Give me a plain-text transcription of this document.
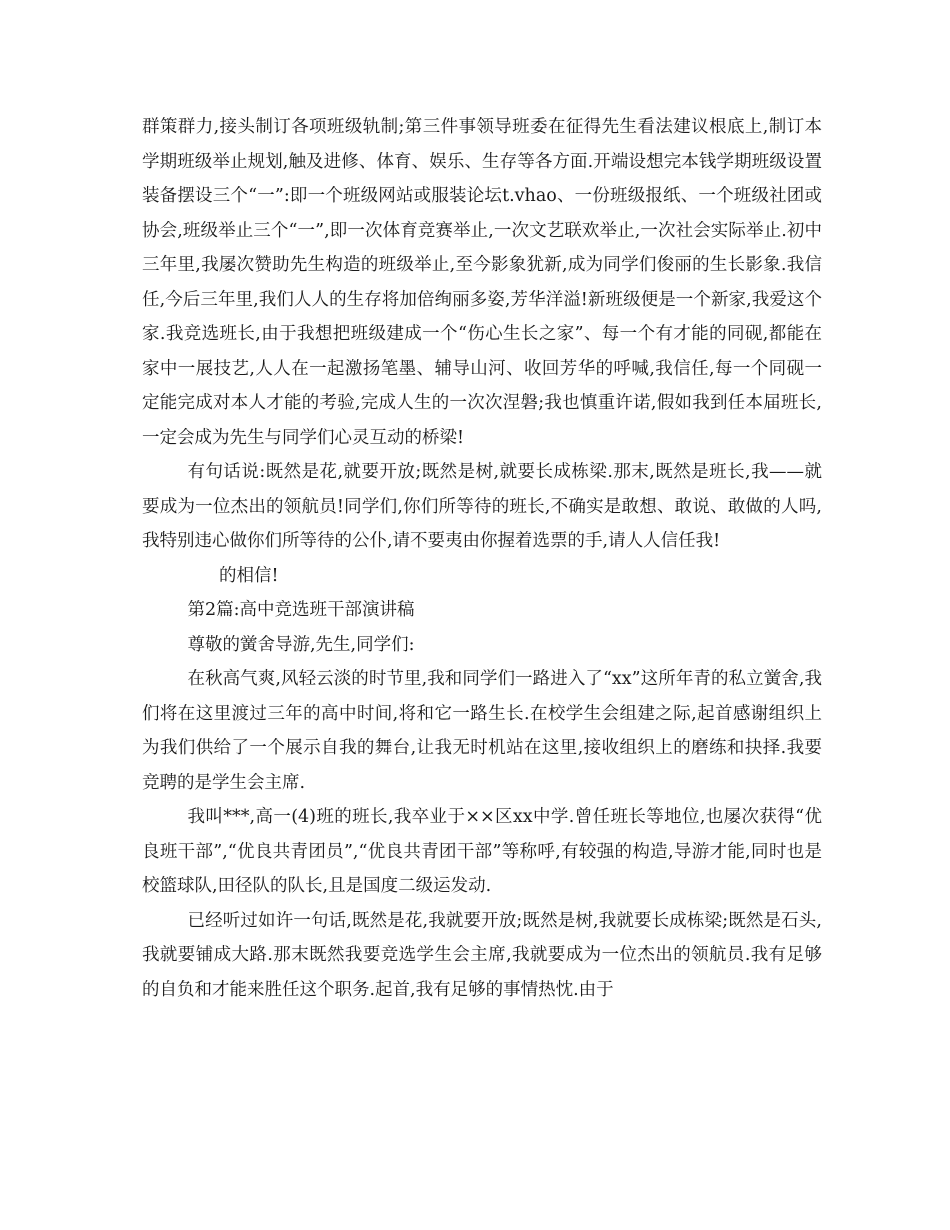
群策群力,接头制订各项班级轨制;第三件事领导班委在征得先生看法建议根底上,制订本学期班级举止规划,触及进修、体育、娱乐、生存等各方面.开端设想完本钱学期班级设置装备摆设三个“一”:即一个班级网站或服装论坛t.vhao、一份班级报纸、一个班级社团或协会,班级举止三个“一”,即一次体育竞赛举止,一次文艺联欢举止,一次社会实际举止.初中三年里,我屡次赞助先生构造的班级举止,至今影象犹新,成为同学们俊丽的生长影象.我信任,今后三年里,我们人人的生存将加倍绚丽多姿,芳华洋溢!新班级便是一个新家,我爱这个家.我竞选班长,由于我想把班级建成一个“伤心生长之家”、每一个有才能的同砚,都能在家中一展技艺,人人在一起激扬笔墨、辅导山河、收回芳华的呼喊,我信任,每一个同砚一定能完成对本人才能的考验,完成人生的一次次涅磐;我也慎重许诺,假如我到任本届班长,一定会成为先生与同学们心灵互动的桥梁!

有句话说:既然是花,就要开放;既然是树,就要长成栋梁.那末,既然是班长,我——就要成为一位杰出的领航员!同学们,你们所等待的班长,不确实是敢想、敢说、敢做的人吗,我特别违心做你们所等待的公仆,请不要夷由你握着选票的手,请人人信任我!

的相信!

第2篇:高中竞选班干部演讲稿

尊敬的黉舍导游,先生,同学们:

在秋高气爽,风轻云淡的时节里,我和同学们一路进入了“xx”这所年青的私立黉舍,我们将在这里渡过三年的高中时间,将和它一路生长.在校学生会组建之际,起首感谢组织上为我们供给了一个展示自我的舞台,让我无时机站在这里,接收组织上的磨练和抉择.我要竞聘的是学生会主席.

我叫***,高一(4)班的班长,我卒业于××区xx中学.曾任班长等地位,也屡次获得“优良班干部”,“优良共青团员”,“优良共青团干部”等称呼,有较强的构造,导游才能,同时也是校篮球队,田径队的队长,且是国度二级运发动.

已经听过如许一句话,既然是花,我就要开放;既然是树,我就要长成栋梁;既然是石头,我就要铺成大路.那末既然我要竞选学生会主席,我就要成为一位杰出的领航员.我有足够的自负和才能来胜任这个职务.起首,我有足够的事情热忱.由于
